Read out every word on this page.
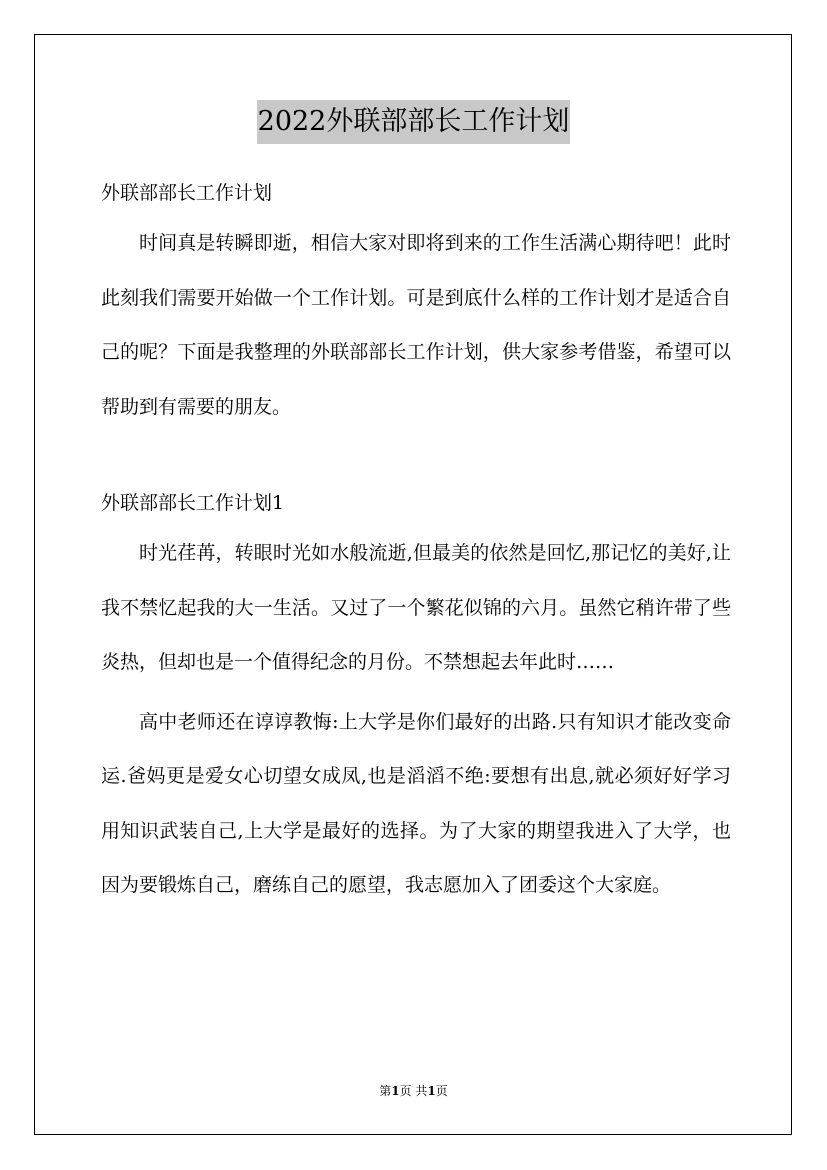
2022外联部部长工作计划

外联部部长工作计划

时间真是转瞬即逝，相信大家对即将到来的工作生活满心期待吧！此时此刻我们需要开始做一个工作计划。可是到底什么样的工作计划才是适合自己的呢？下面是我整理的外联部部长工作计划，供大家参考借鉴，希望可以帮助到有需要的朋友。

外联部部长工作计划1

时光荏苒，转眼时光如水般流逝,但最美的依然是回忆,那记忆的美好,让我不禁忆起我的大一生活。又过了一个繁花似锦的六月。虽然它稍许带了些炎热，但却也是一个值得纪念的月份。不禁想起去年此时……

高中老师还在谆谆教悔:上大学是你们最好的出路.只有知识才能改变命运.爸妈更是爱女心切望女成凤,也是滔滔不绝:要想有出息,就必须好好学习用知识武装自己,上大学是最好的选择。为了大家的期望我进入了大学，也因为要锻炼自己，磨练自己的愿望，我志愿加入了团委这个大家庭。

第1页 共1页
